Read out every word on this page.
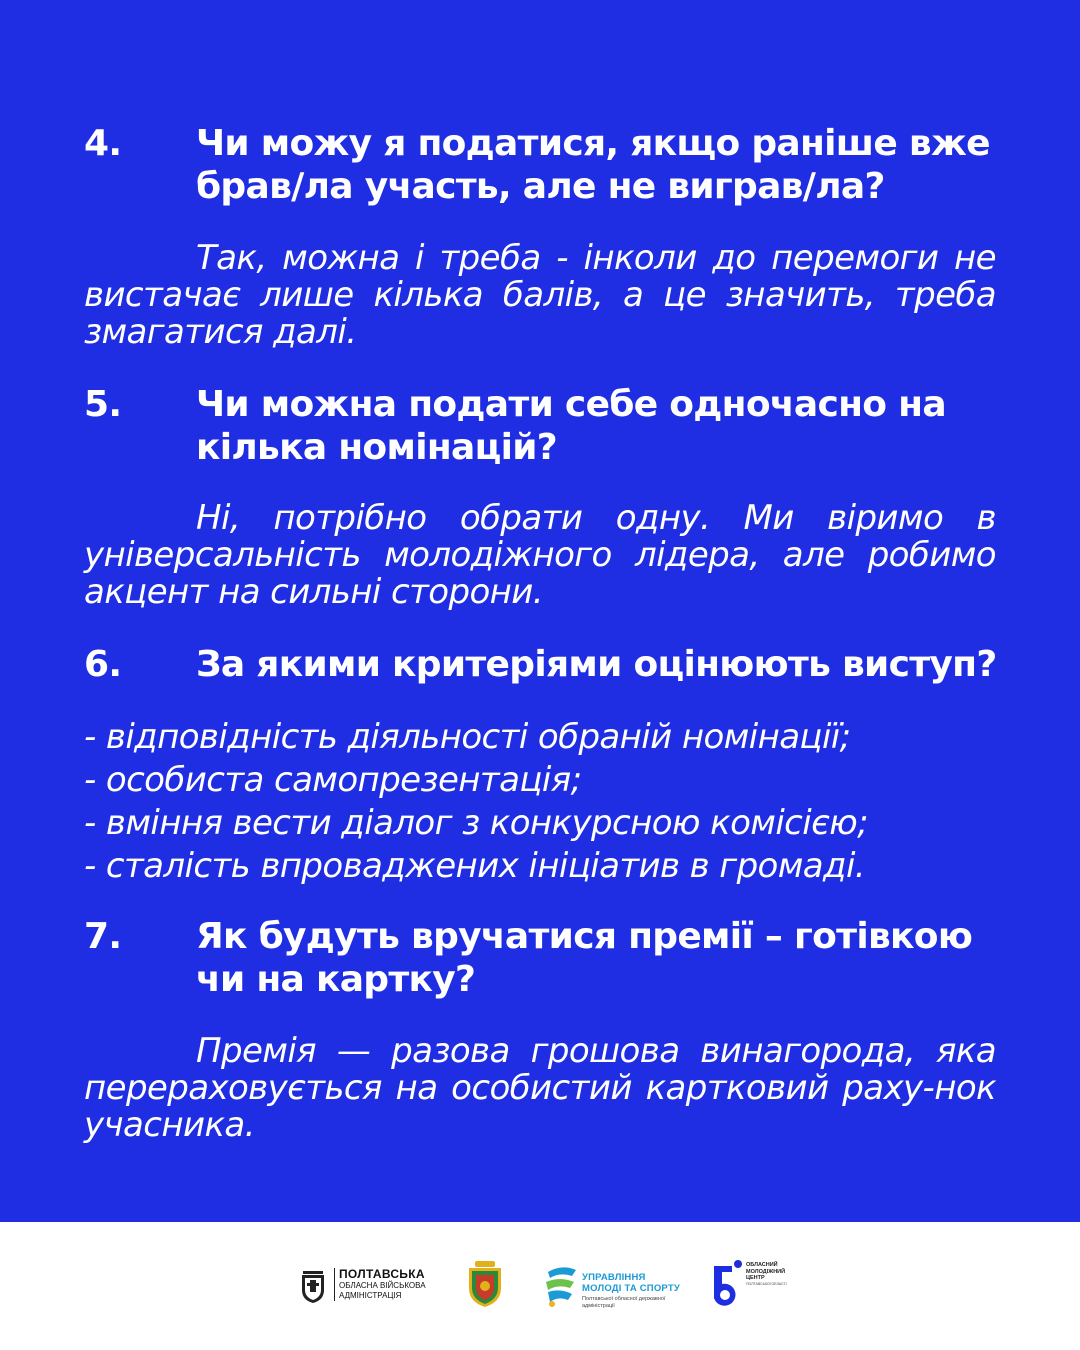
4.	Чи можу я податися, якщо раніше вже брав/ла участь, але не виграв/ла?

Так, можна і треба - інколи до перемоги не вистачає лише кілька балів, а це значить, треба змагатися далі.

5.	Чи можна подати себе одночасно на кілька номінацій?

Ні, потрібно обрати одну. Ми віримо в універсальність молодіжного лідера, але робимо акцент на сильні сторони.

6.	За якими критеріями оцінюють виступ?
- відповідність діяльності обраній номінації;
- особиста самопрезентація;
- вміння вести діалог з конкурсною комісією;
- сталість впроваджених ініціатив в громаді.
7.	Як будуть вручатися премії – готівкою чи на картку?

Премія — разова грошова винагорода, яка перераховується на особистий картковий раху-нок учасника.

ПОЛТАВСЬКА
ОБЛАСНА ВІЙСЬКОВА
АДМІНІСТРАЦІЯ
УПРАВЛІННЯ
МОЛОДІ ТА СПОРТУ
Полтавської обласної державної адміністрації
ОБЛАСНИЙ
МОЛОДІЖНИЙ
ЦЕНТР
ПОЛТАВСЬКОЇ ОБЛАСТІ
